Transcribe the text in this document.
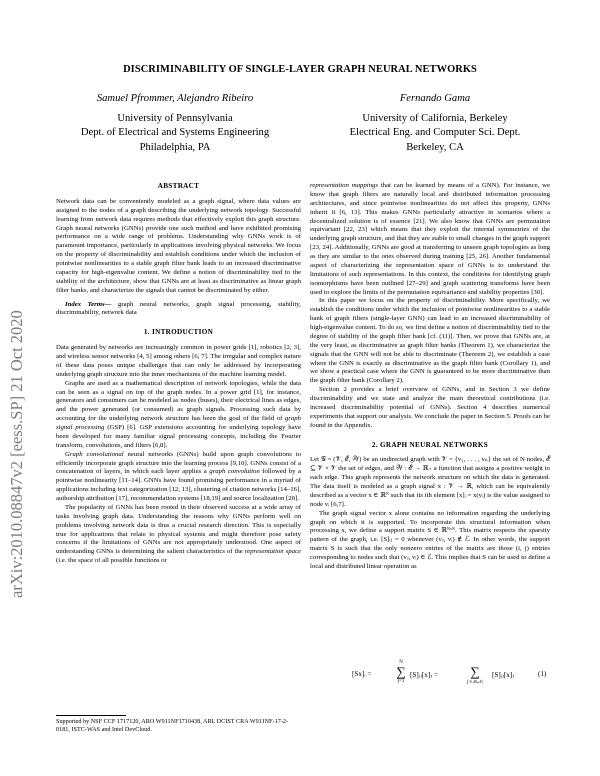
arXiv:2010.08847v2 [eess.SP] 21 Oct 2020
DISCRIMINABILITY OF SINGLE-LAYER GRAPH NEURAL NETWORKS
Samuel Pfrommer, Alejandro Ribeiro
University of Pennsylvania
Dept. of Electrical and Systems Engineering
Philadelphia, PA
Fernando Gama
University of California, Berkeley
Electrical Eng. and Computer Sci. Dept.
Berkeley, CA

ABSTRACT

Network data can be conveniently modeled as a graph signal, where data values are assigned to the nodes of a graph describing the underlying network topology. Successful learning from network data requires methods that effectively exploit this graph structure. Graph neural networks (GNNs) provide one such method and have exhibited promising performance on a wide range of problems. Understanding why GNNs work is of paramount importance, particularly in applications involving physical networks. We focus on the property of discriminability and establish conditions under which the inclusion of pointwise nonlinearities to a stable graph filter bank leads to an increased discriminative capacity for high-eigenvalue content. We define a notion of discriminability tied to the stability of the architecture, show that GNNs are at least as discriminative as linear graph filter banks, and characterize the signals that cannot be discriminated by either.

Index Terms— graph neural networks, graph signal processing, stability, discriminability, network data

1. INTRODUCTION

Data generated by networks are increasingly common in power grids [1], robotics [2, 3], and wireless sensor networks [4, 5] among others [6, 7]. The irregular and complex nature of these data poses unique challenges that can only be addressed by incorporating underlying graph structure into the inner mechanisms of the machine learning model.

Graphs are used as a mathematical description of network topologies, while the data can be seen as a signal on top of the graph nodes. In a power grid [1], for instance, generators and consumers can be modeled as nodes (buses), their electrical lines as edges, and the power generated (or consumed) as graph signals. Processing such data by accounting for the underlying network structure has been the goal of the field of graph signal processing (GSP) [6]. GSP extensions accounting for underlying topology have been developed for many familiar signal processing concepts, including the Fourier transform, convolutions, and filters [6,8].

Graph convolutional neural networks (GNNs) build upon graph convolutions to efficiently incorporate graph structure into the learning process [9,10]. GNNs consist of a concatenation of layers, in which each layer applies a graph convolution followed by a pointwise nonlinearity [11–14]. GNNs have found promising performance in a myriad of applications including text categorization [12, 13], clustering of citation networks [14–16], authorship attribution [17], recommendation systems [18,19] and source localization [20].

The popularity of GNNs has been rooted in their observed success at a wide array of tasks involving graph data. Understanding the reasons why GNNs perform well on problems involving network data is thus a crucial research direction. This is especially true for applications that relate to physical systems and might therefore pose safety concerns if the limitations of GNNs are not appropriately understood. One aspect of understanding GNNs is determining the salient characteristics of the representation space (i.e. the space of all possible functions or

Supported by NSF CCF 1717120, ARO W911NF1710438, ARL DCIST CRA W911NF-17-2-0181, ISTC-WAS and Intel DevCloud.

representation mappings that can be learned by means of a GNN). For instance, we know that graph filters are naturally local and distributed information processing architectures, and since pointwise nonlinearities do not affect this property, GNNs inherit it [6, 13]. This makes GNNs particularly attractive in scenarios where a decentralized solution is of essence [21]. We also know that GNNs are permutation equivariant [22, 23] which means that they exploit the internal symmetries of the underlying graph structure, and that they are stable to small changes in the graph support [23, 24]. Additionally, GNNs are good at transferring to unseen graph topologies as long as they are similar to the ones observed during training [25, 26]. Another fundamental aspect of characterizing the representation space of GNNs is to understand the limitations of such representations. In this context, the conditions for identifying graph isomorphisms have been outlined [27–29] and graph scattering transforms have been used to explore the limits of the permutation equivariance and stability properties [30].

In this paper we focus on the property of discriminability. More specifically, we establish the conditions under which the inclusion of pointwise nonlinearities to a stable bank of graph filters (single-layer GNN) can lead to an increased discriminability of high-eigenvalue content. To do so, we first define a notion of discriminability tied to the degree of stability of the graph filter bank [cf. (11)]. Then, we prove that GNNs are, at the very least, as discriminative as graph filter banks (Theorem 1), we characterize the signals that the GNN will not be able to discriminate (Theorem 2), we establish a case where the GNN is exactly as discriminative as the graph filter bank (Corollary 1), and we show a practical case where the GNN is guaranteed to be more discriminative than the graph filter bank (Corollary 2).

Section 2 provides a brief overview of GNNs, and in Section 3 we define discriminability and we state and analyze the main theoretical contributions (i.e. increased discriminability potential of GNNs). Section 4 describes numerical experiments that support our analysis. We conclude the paper in Section 5. Proofs can be found in the Appendix.

2. GRAPH NEURAL NETWORKS

Let 𝒢 = (𝒱, ℰ, 𝒲) be an undirected graph with 𝒱 = {v₁, . . . , vₙ} the set of N nodes, ℰ ⊆ 𝒱 × 𝒱 the set of edges, and 𝒲 : ℰ → ℝ₊ a function that assigns a positive weight to each edge. This graph represents the network structure on which the data is generated. The data itself is modeled as a graph signal x : 𝒱 → ℝ, which can be equivalently described as a vector x ∈ ℝᴺ such that its ith element [x]ᵢ = x(vᵢ) is the value assigned to node vᵢ [6,7].

The graph signal vector x alone contains no information regarding the underlying graph on which it is supported. To incorporate this structural information when processing x, we define a support matrix S ∈ ℝᴺˣᴺ. This matrix respects the sparsity pattern of the graph, i.e. [S]ᵢⱼ = 0 whenever (vⱼ, vᵢ) ∉ ℰ. In other words, the support matrix S is such that the only nonzero entries of the matrix are those (i, j) entries corresponding to nodes such that (vⱼ, vᵢ) ∈ ℰ. This implies that S can be used to define a local and distributed linear operation as

[Sx]ᵢ =
N
∑
j=1
[S]ᵢⱼ[x]ⱼ =	∑
j:vⱼ∈𝒩ᵢ
[S]ᵢⱼ[x]ⱼ	(1)
